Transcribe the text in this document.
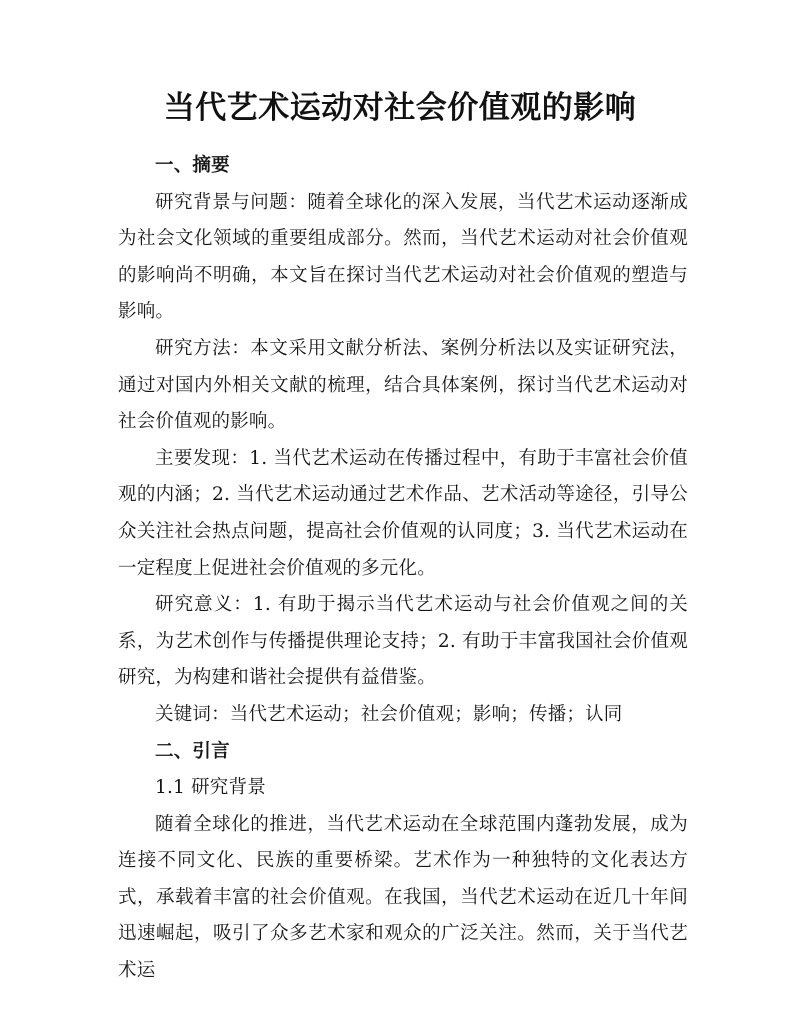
当代艺术运动对社会价值观的影响

一、摘要

研究背景与问题：随着全球化的深入发展，当代艺术运动逐渐成为社会文化领域的重要组成部分。然而，当代艺术运动对社会价值观的影响尚不明确，本文旨在探讨当代艺术运动对社会价值观的塑造与影响。

研究方法：本文采用文献分析法、案例分析法以及实证研究法，通过对国内外相关文献的梳理，结合具体案例，探讨当代艺术运动对社会价值观的影响。

主要发现：1. 当代艺术运动在传播过程中，有助于丰富社会价值观的内涵；2. 当代艺术运动通过艺术作品、艺术活动等途径，引导公众关注社会热点问题，提高社会价值观的认同度；3. 当代艺术运动在一定程度上促进社会价值观的多元化。

研究意义：1. 有助于揭示当代艺术运动与社会价值观之间的关系，为艺术创作与传播提供理论支持；2. 有助于丰富我国社会价值观研究，为构建和谐社会提供有益借鉴。

关键词：当代艺术运动；社会价值观；影响；传播；认同

二、引言

1.1 研究背景

随着全球化的推进，当代艺术运动在全球范围内蓬勃发展，成为连接不同文化、民族的重要桥梁。艺术作为一种独特的文化表达方式，承载着丰富的社会价值观。在我国，当代艺术运动在近几十年间迅速崛起，吸引了众多艺术家和观众的广泛关注。然而，关于当代艺术运
